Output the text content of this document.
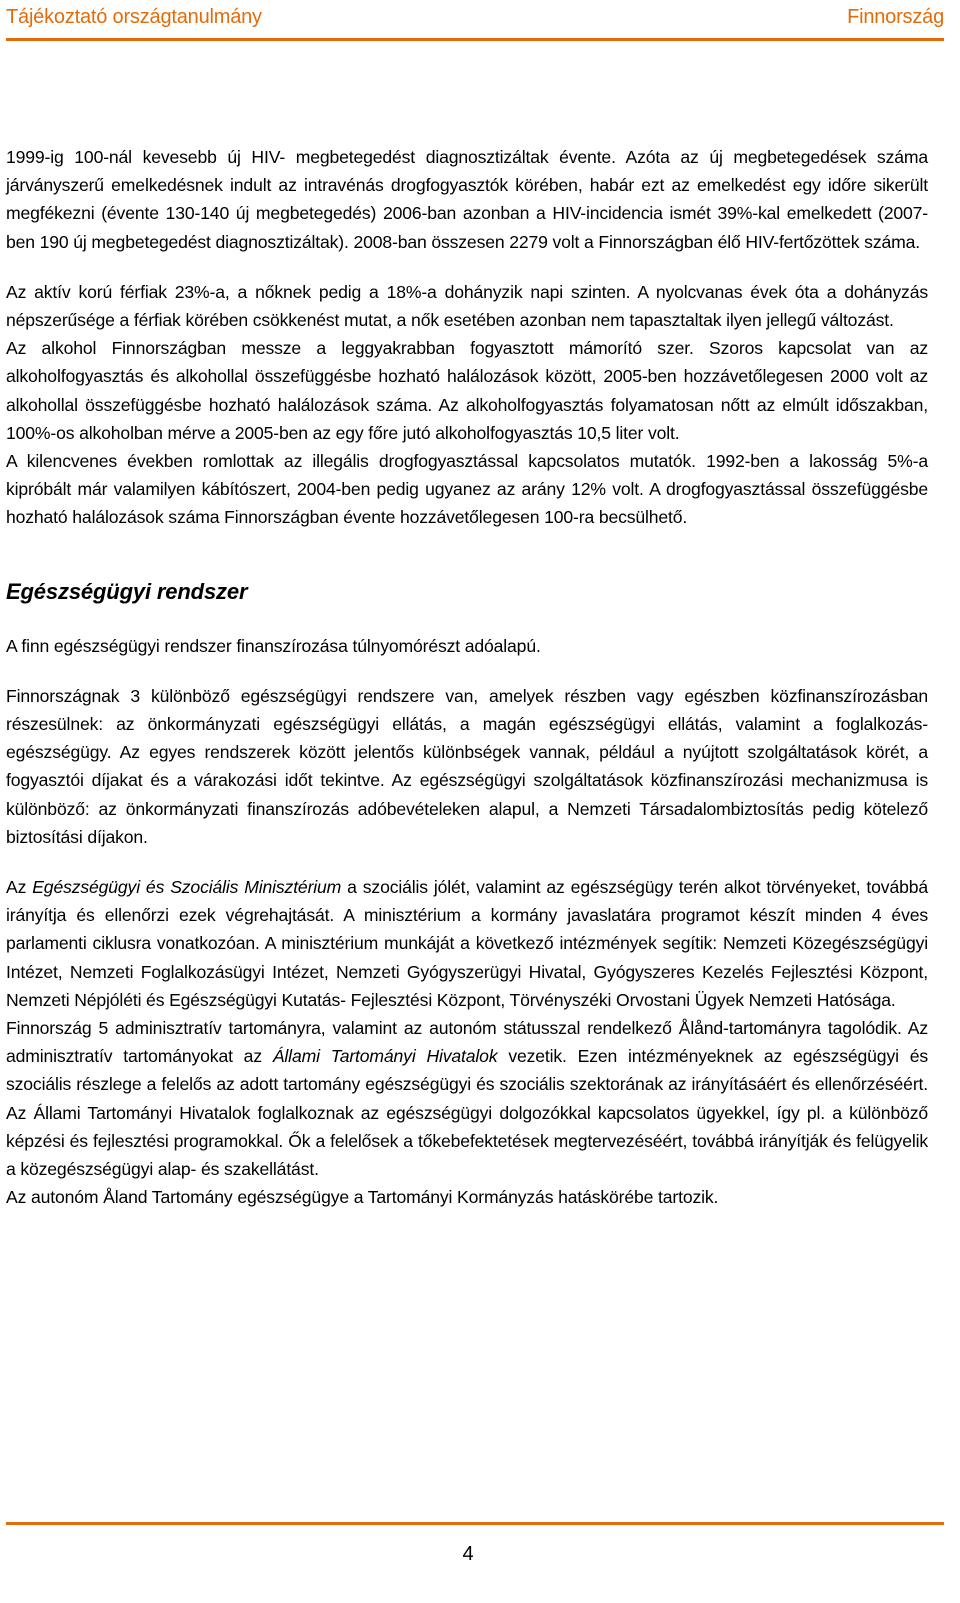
Tájékoztató országtanulmány	Finnország

1999-ig 100-nál kevesebb új HIV- megbetegedést diagnosztizáltak évente. Azóta az új megbetegedések száma járványszerű emelkedésnek indult az intravénás drogfogyasztók körében, habár ezt az emelkedést egy időre sikerült megfékezni (évente 130-140 új megbetegedés) 2006-ban azonban a HIV-incidencia ismét 39%-kal emelkedett (2007-ben 190 új megbetegedést diagnosztizáltak). 2008-ban összesen 2279 volt a Finnországban élő HIV-fertőzöttek száma.

Az aktív korú férfiak 23%-a, a nőknek pedig a 18%-a dohányzik napi szinten. A nyolcvanas évek óta a dohányzás népszerűsége a férfiak körében csökkenést mutat, a nők esetében azonban nem tapasztaltak ilyen jellegű változást.

Az alkohol Finnországban messze a leggyakrabban fogyasztott mámorító szer. Szoros kapcsolat van az alkoholfogyasztás és alkohollal összefüggésbe hozható halálozások között, 2005-ben hozzávetőlegesen 2000 volt az alkohollal összefüggésbe hozható halálozások száma. Az alkoholfogyasztás folyamatosan nőtt az elmúlt időszakban, 100%-os alkoholban mérve a 2005-ben az egy főre jutó alkoholfogyasztás 10,5 liter volt.

A kilencvenes években romlottak az illegális drogfogyasztással kapcsolatos mutatók. 1992-ben a lakosság 5%-a kipróbált már valamilyen kábítószert, 2004-ben pedig ugyanez az arány 12% volt. A drogfogyasztással összefüggésbe hozható halálozások száma Finnországban évente hozzávetőlegesen 100-ra becsülhető.

Egészségügyi rendszer

A finn egészségügyi rendszer finanszírozása túlnyomórészt adóalapú.

Finnországnak 3 különböző egészségügyi rendszere van, amelyek részben vagy egészben közfinanszírozásban részesülnek: az önkormányzati egészségügyi ellátás, a magán egészségügyi ellátás, valamint a foglalkozás-egészségügy. Az egyes rendszerek között jelentős különbségek vannak, például a nyújtott szolgáltatások körét, a fogyasztói díjakat és a várakozási időt tekintve. Az egészségügyi szolgáltatások közfinanszírozási mechanizmusa is különböző: az önkormányzati finanszírozás adóbevételeken alapul, a Nemzeti Társadalombiztosítás pedig kötelező biztosítási díjakon.

Az Egészségügyi és Szociális Minisztérium a szociális jólét, valamint az egészségügy terén alkot törvényeket, továbbá irányítja és ellenőrzi ezek végrehajtását. A minisztérium a kormány javaslatára programot készít minden 4 éves parlamenti ciklusra vonatkozóan. A minisztérium munkáját a következő intézmények segítik: Nemzeti Közegészségügyi Intézet, Nemzeti Foglalkozásügyi Intézet, Nemzeti Gyógyszerügyi Hivatal, Gyógyszeres Kezelés Fejlesztési Központ, Nemzeti Népjóléti és Egészségügyi Kutatás- Fejlesztési Központ, Törvényszéki Orvostani Ügyek Nemzeti Hatósága.

Finnország 5 adminisztratív tartományra, valamint az autonóm státusszal rendelkező Ålånd-tartományra tagolódik. Az adminisztratív tartományokat az Állami Tartományi Hivatalok vezetik. Ezen intézményeknek az egészségügyi és szociális részlege a felelős az adott tartomány egészségügyi és szociális szektorának az irányításáért és ellenőrzéséért. Az Állami Tartományi Hivatalok foglalkoznak az egészségügyi dolgozókkal kapcsolatos ügyekkel, így pl. a különböző képzési és fejlesztési programokkal. Ők a felelősek a tőkebefektetések megtervezéséért, továbbá irányítják és felügyelik a közegészségügyi alap- és szakellátást.

Az autonóm Åland Tartomány egészségügye a Tartományi Kormányzás hatáskörébe tartozik.

4
